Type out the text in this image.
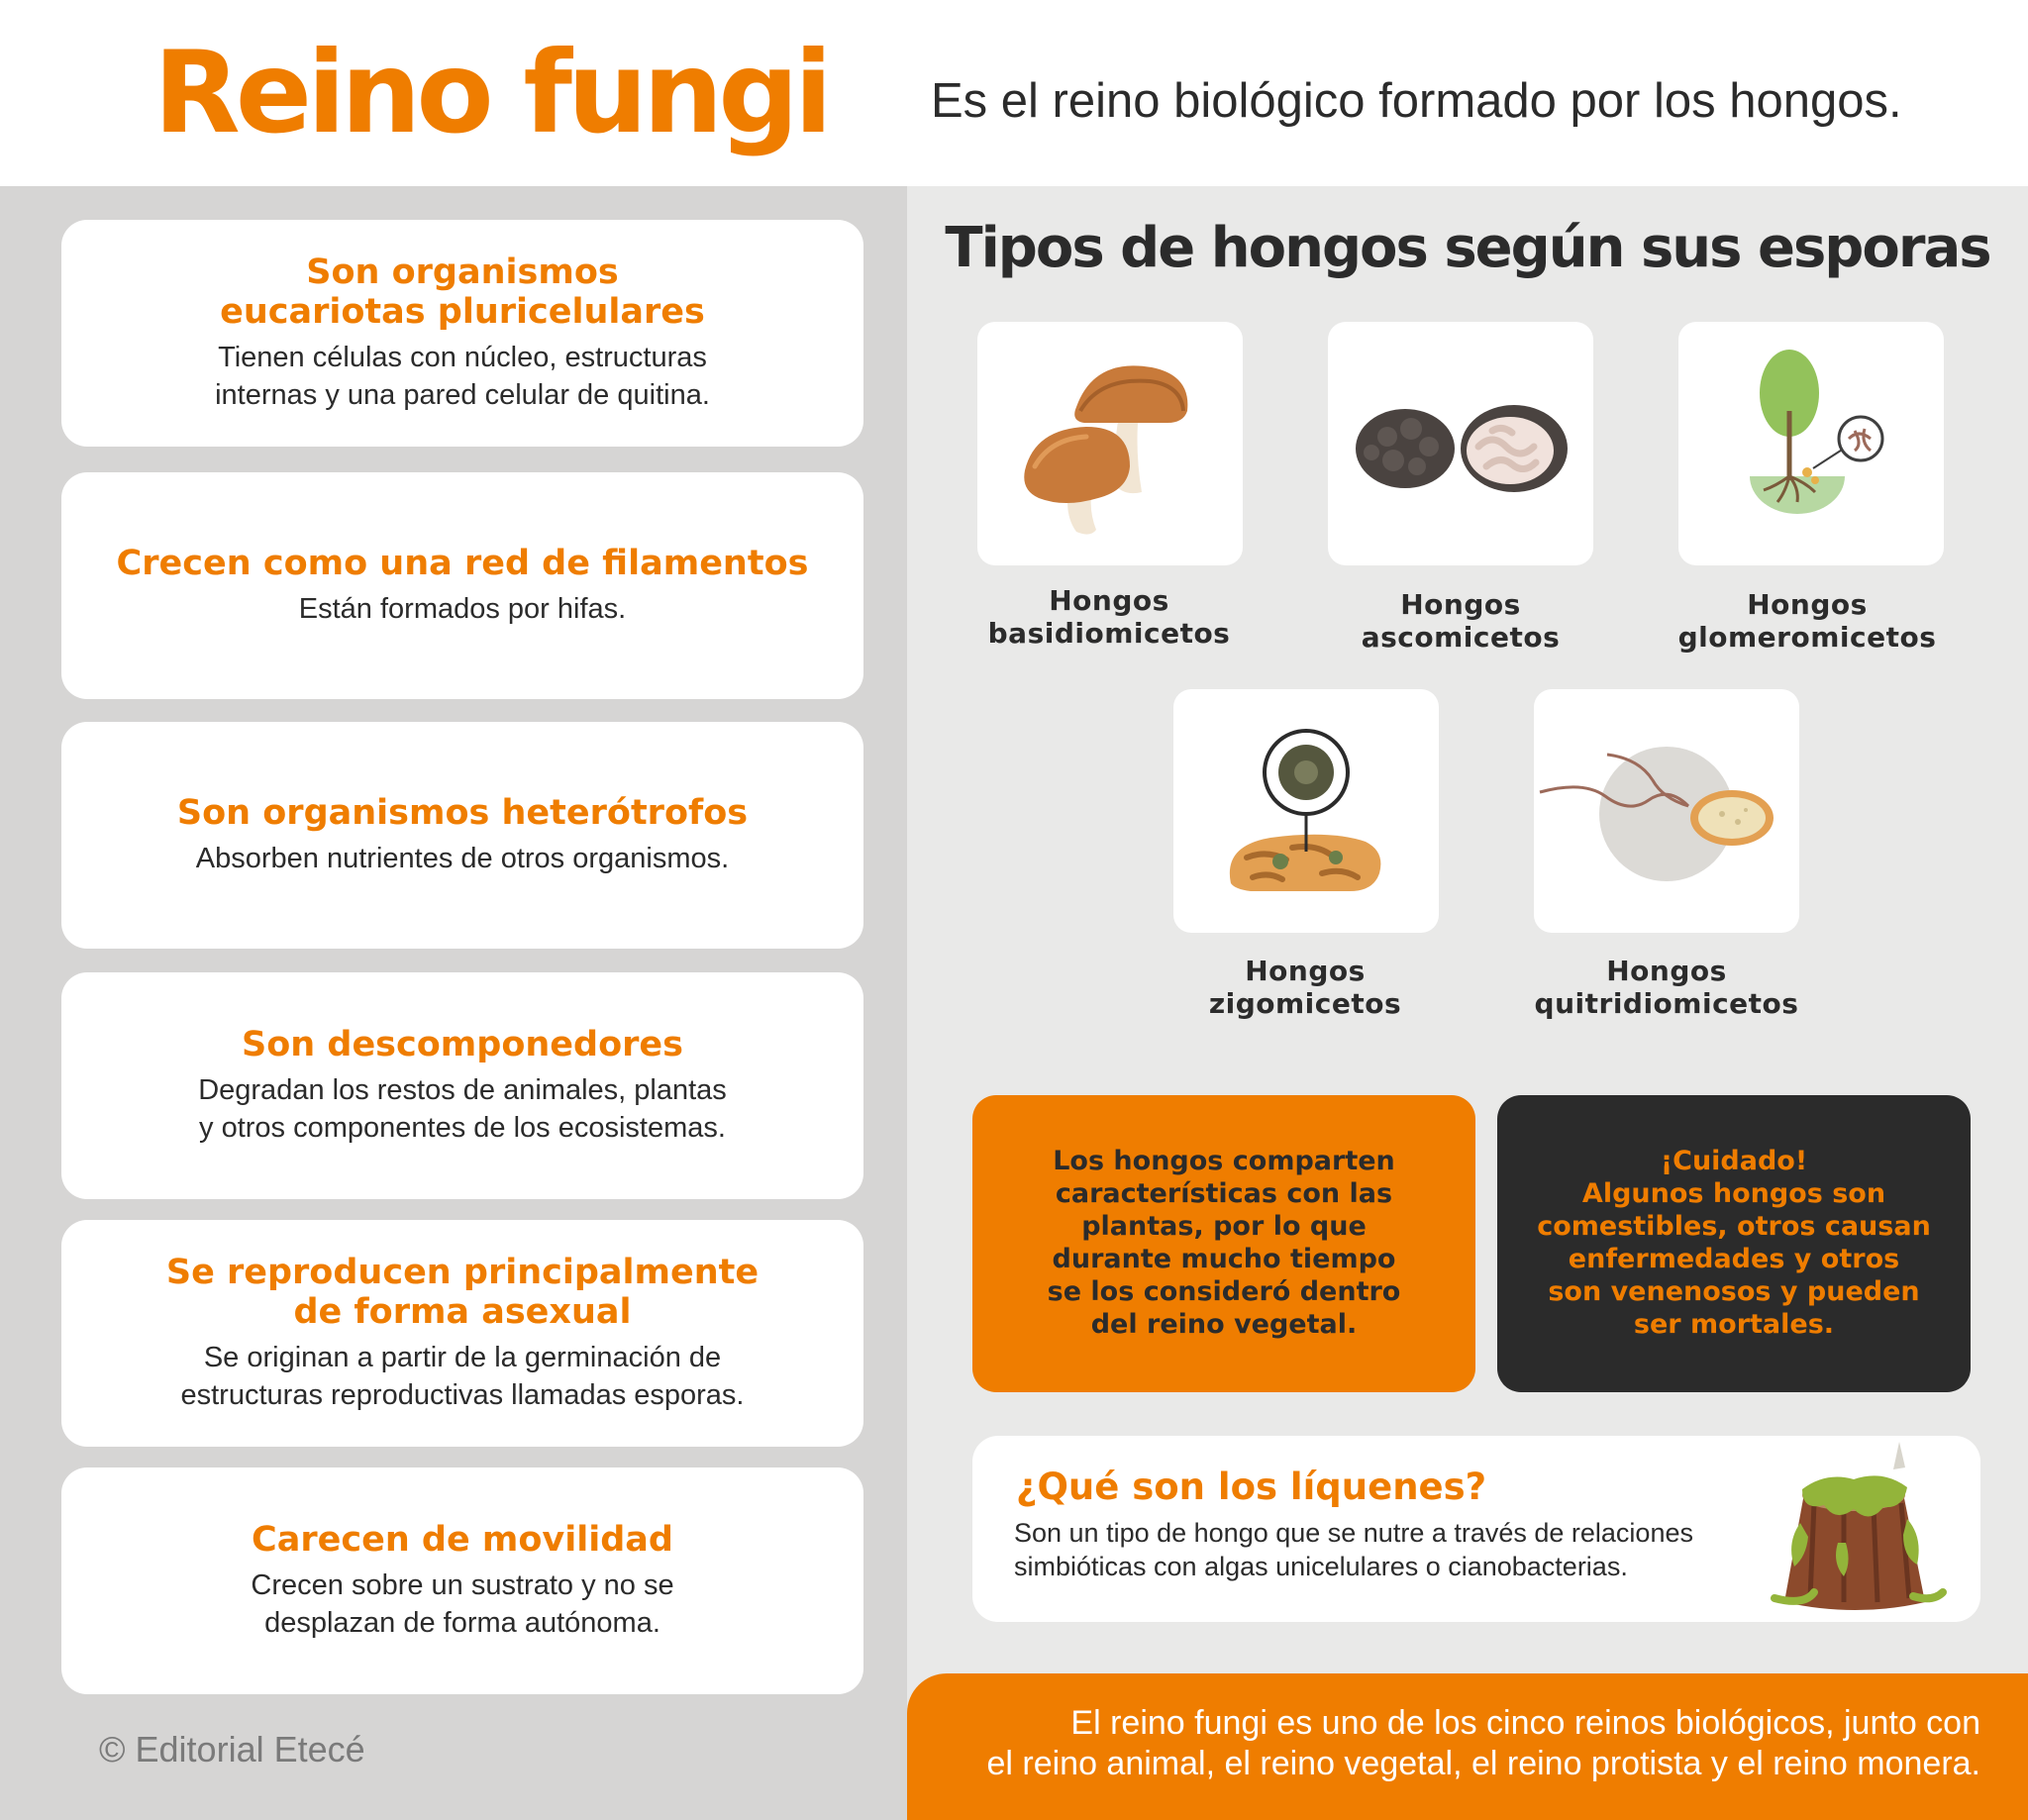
Reino fungi Es el reino biológico formado por los hongos.
Son organismos
eucariotas pluricelulares
Tienen células con núcleo, estructuras
internas y una pared celular de quitina.
Crecen como una red de filamentos
Están formados por hifas.
Son organismos heterótrofos
Absorben nutrientes de otros organismos.
Son descomponedores
Degradan los restos de animales, plantas
y otros componentes de los ecosistemas.
Se reproducen principalmente
de forma asexual
Se originan a partir de la germinación de
estructuras reproductivas llamadas esporas.
Carecen de movilidad
Crecen sobre un sustrato y no se
desplazan de forma autónoma.
© Editorial Etecé
Tipos de hongos según sus esporas
Hongos
basidiomicetos
Hongos
ascomicetos
Hongos
glomeromicetos
Hongos
zigomicetos
Hongos
quitridiomicetos
Los hongos comparten
características con las
plantas, por lo que
durante mucho tiempo
se los consideró dentro
del reino vegetal.
¡Cuidado!
Algunos hongos son
comestibles, otros causan
enfermedades y otros
son venenosos y pueden
ser mortales.
¿Qué son los líquenes?
Son un tipo de hongo que se nutre a través de relaciones
simbióticas con algas unicelulares o cianobacterias.
El reino fungi es uno de los cinco reinos biológicos, junto con
el reino animal, el reino vegetal, el reino protista y el reino monera.
